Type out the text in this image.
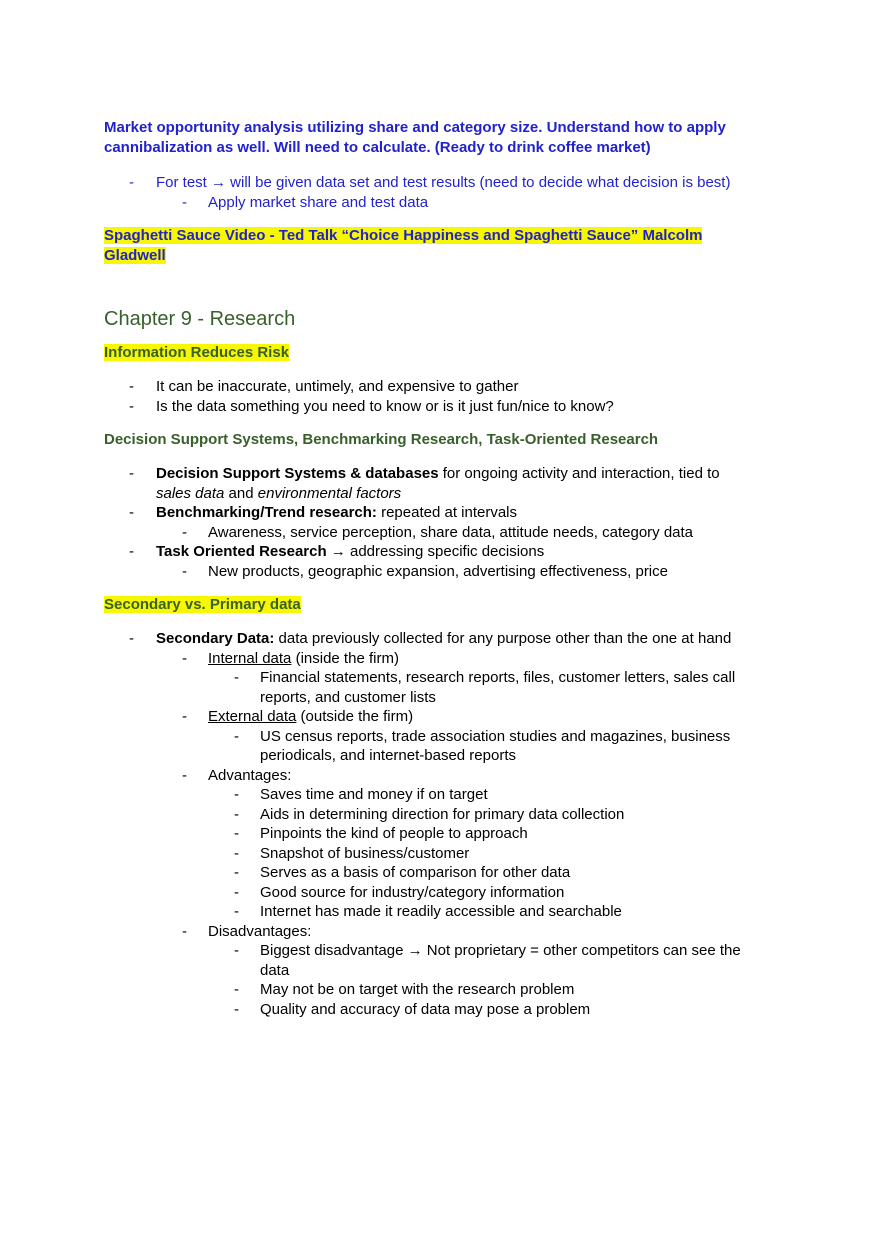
Market opportunity analysis utilizing share and category size. Understand how to apply cannibalization as well. Will need to calculate. (Ready to drink coffee market)

- For test → will be given data set and test results (need to decide what decision is best)
- Apply market share and test data

Spaghetti Sauce Video - Ted Talk “Choice Happiness and Spaghetti Sauce” Malcolm
Gladwell

Chapter 9 - Research

Information Reduces Risk

- It can be inaccurate, untimely, and expensive to gather
- Is the data something you need to know or is it just fun/nice to know?

Decision Support Systems, Benchmarking Research, Task-Oriented Research

- Decision Support Systems & databases for ongoing activity and interaction, tied to
sales data and environmental factors
- Benchmarking/Trend research: repeated at intervals
- Awareness, service perception, share data, attitude needs, category data
- Task Oriented Research → addressing specific decisions
- New products, geographic expansion, advertising effectiveness, price

Secondary vs. Primary data

- Secondary Data: data previously collected for any purpose other than the one at hand
- Internal data (inside the firm)
- Financial statements, research reports, files, customer letters, sales call
reports, and customer lists
- External data (outside the firm)
- US census reports, trade association studies and magazines, business
periodicals, and internet-based reports
- Advantages:
- Saves time and money if on target
- Aids in determining direction for primary data collection
- Pinpoints the kind of people to approach
- Snapshot of business/customer
- Serves as a basis of comparison for other data
- Good source for industry/category information
- Internet has made it readily accessible and searchable
- Disadvantages:
- Biggest disadvantage → Not proprietary = other competitors can see the
data
- May not be on target with the research problem
- Quality and accuracy of data may pose a problem
